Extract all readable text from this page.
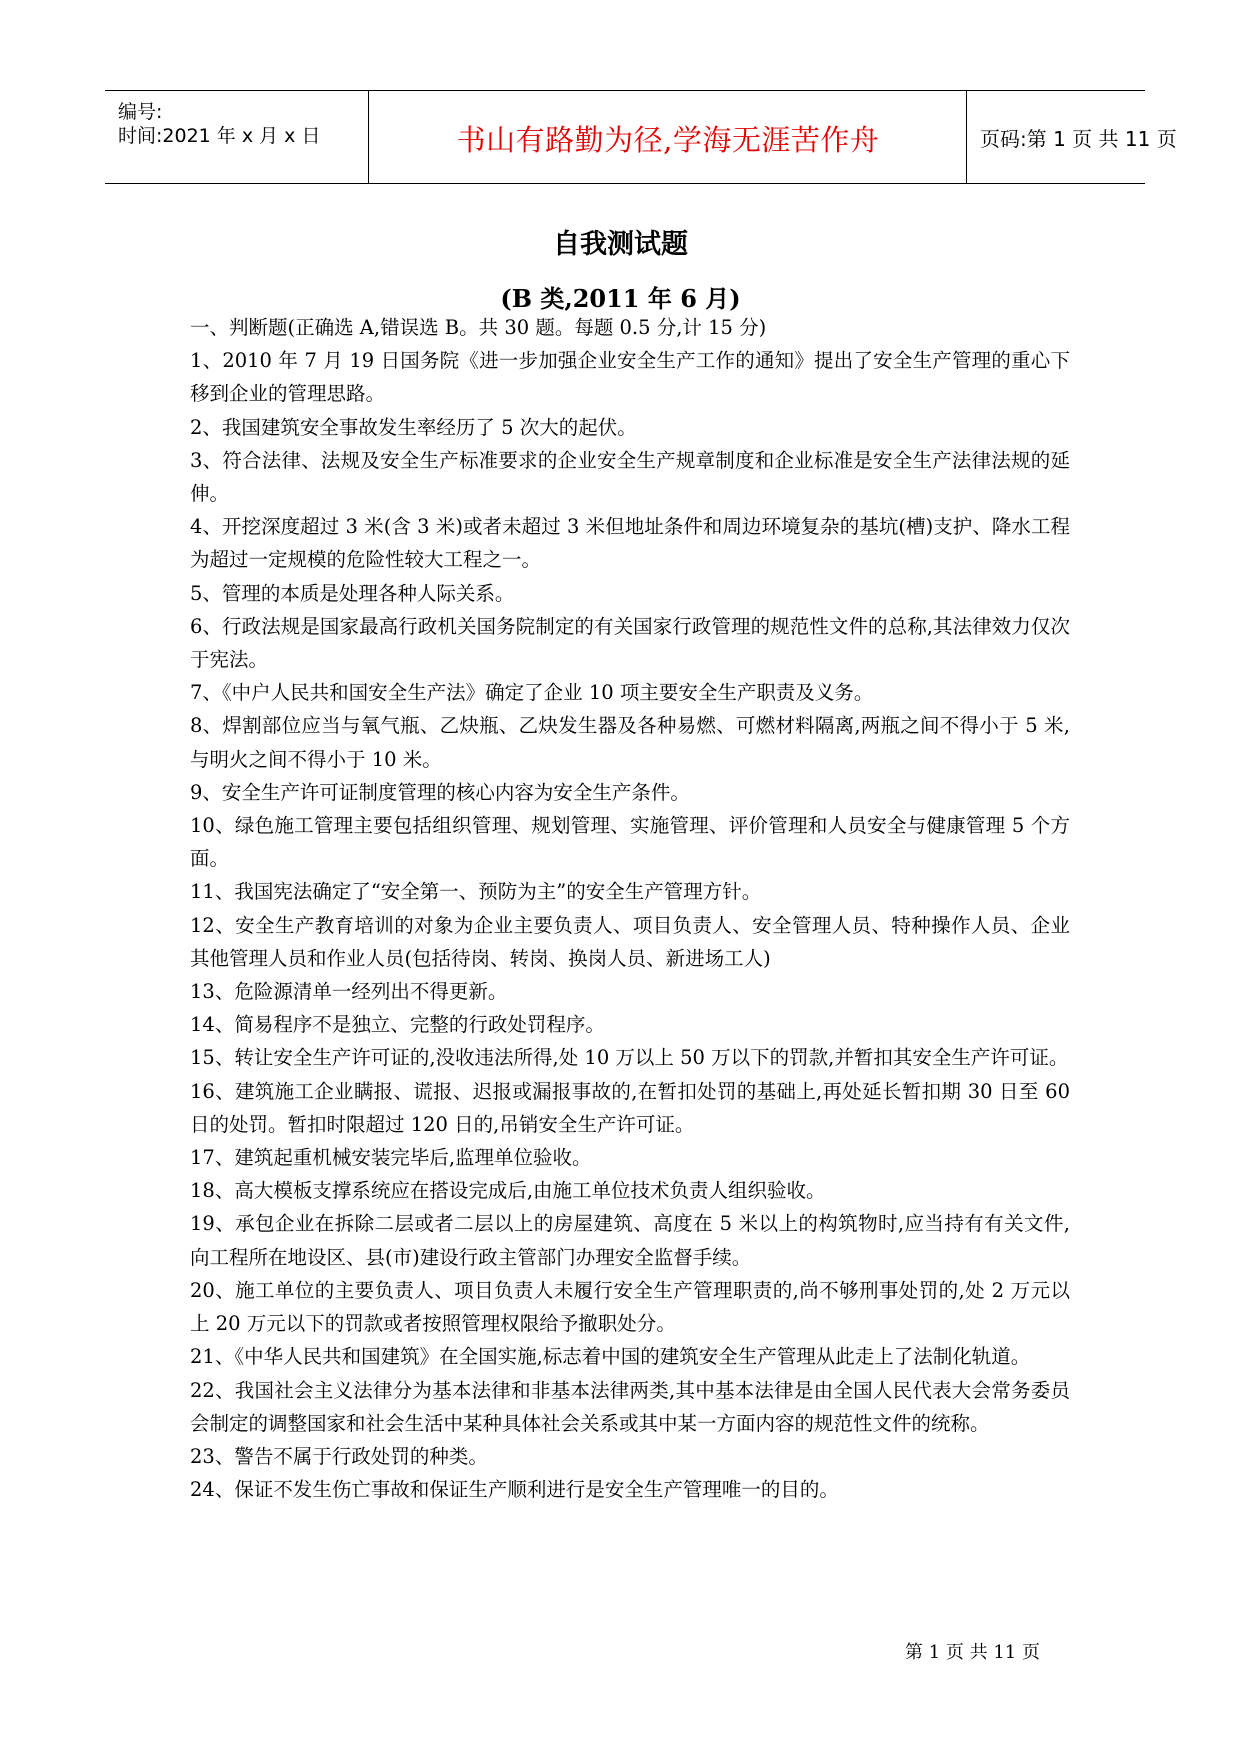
编号:
时间:2021 年 x 月 x 日	书山有路勤为径,学海无涯苦作舟	页码:第 1 页 共 11 页
自我测试题
(B 类,2011 年 6 月)

一、判断题(正确选 A,错误选 B。共 30 题。每题 0.5 分,计 15 分)

1、2010 年 7 月 19 日国务院《进一步加强企业安全生产工作的通知》提出了安全生产管理的重心下移到企业的管理思路。

2、我国建筑安全事故发生率经历了 5 次大的起伏。

3、符合法律、法规及安全生产标准要求的企业安全生产规章制度和企业标准是安全生产法律法规的延伸。

4、开挖深度超过 3 米(含 3 米)或者未超过 3 米但地址条件和周边环境复杂的基坑(槽)支护、降水工程为超过一定规模的危险性较大工程之一。

5、管理的本质是处理各种人际关系。

6、行政法规是国家最高行政机关国务院制定的有关国家行政管理的规范性文件的总称,其法律效力仅次于宪法。

7、《中户人民共和国安全生产法》确定了企业 10 项主要安全生产职责及义务。

8、焊割部位应当与氧气瓶、乙炔瓶、乙炔发生器及各种易燃、可燃材料隔离,两瓶之间不得小于 5 米,与明火之间不得小于 10 米。

9、安全生产许可证制度管理的核心内容为安全生产条件。

10、绿色施工管理主要包括组织管理、规划管理、实施管理、评价管理和人员安全与健康管理 5 个方面。

11、我国宪法确定了“安全第一、预防为主”的安全生产管理方针。

12、安全生产教育培训的对象为企业主要负责人、项目负责人、安全管理人员、特种操作人员、企业其他管理人员和作业人员(包括待岗、转岗、换岗人员、新进场工人)

13、危险源清单一经列出不得更新。

14、简易程序不是独立、完整的行政处罚程序。

15、转让安全生产许可证的,没收违法所得,处 10 万以上 50 万以下的罚款,并暂扣其安全生产许可证。

16、建筑施工企业瞒报、谎报、迟报或漏报事故的,在暂扣处罚的基础上,再处延长暂扣期 30 日至 60 日的处罚。暂扣时限超过 120 日的,吊销安全生产许可证。

17、建筑起重机械安装完毕后,监理单位验收。

18、高大模板支撑系统应在搭设完成后,由施工单位技术负责人组织验收。

19、承包企业在拆除二层或者二层以上的房屋建筑、高度在 5 米以上的构筑物时,应当持有有关文件,向工程所在地设区、县(市)建设行政主管部门办理安全监督手续。

20、施工单位的主要负责人、项目负责人未履行安全生产管理职责的,尚不够刑事处罚的,处 2 万元以上 20 万元以下的罚款或者按照管理权限给予撤职处分。

21、《中华人民共和国建筑》在全国实施,标志着中国的建筑安全生产管理从此走上了法制化轨道。

22、我国社会主义法律分为基本法律和非基本法律两类,其中基本法律是由全国人民代表大会常务委员会制定的调整国家和社会生活中某种具体社会关系或其中某一方面内容的规范性文件的统称。

23、警告不属于行政处罚的种类。

24、保证不发生伤亡事故和保证生产顺利进行是安全生产管理唯一的目的。

第 1 页 共 11 页
